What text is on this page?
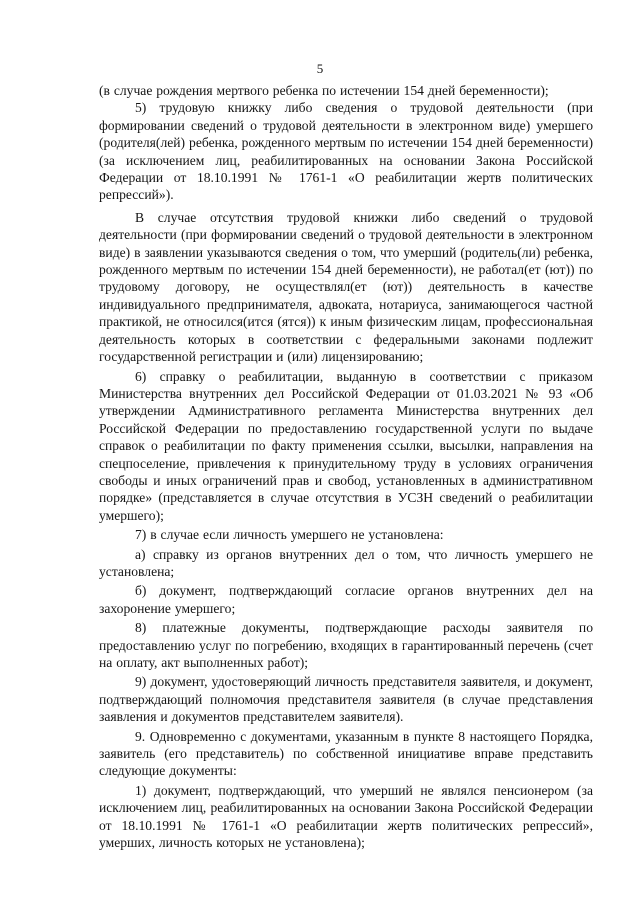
5

(в случае рождения мертвого ребенка по истечении 154 дней беременности);

5) трудовую книжку либо сведения о трудовой деятельности (при формировании сведений о трудовой деятельности в электронном виде) умершего (родителя(лей) ребенка, рожденного мертвым по истечении 154 дней беременности) (за исключением лиц, реабилитированных на основании Закона Российской Федерации от 18.10.1991 № 1761-1 «О реабилитации жертв политических репрессий»).

В случае отсутствия трудовой книжки либо сведений о трудовой деятельности (при формировании сведений о трудовой деятельности в электронном виде) в заявлении указываются сведения о том, что умерший (родитель(ли) ребенка, рожденного мертвым по истечении 154 дней беременности), не работал(ет (ют)) по трудовому договору, не осуществлял(ет (ют)) деятельность в качестве индивидуального предпринимателя, адвоката, нотариуса, занимающегося частной практикой, не относился(ится (ятся)) к иным физическим лицам, профессиональная деятельность которых в соответствии с федеральными законами подлежит государственной регистрации и (или) лицензированию;

6) справку о реабилитации, выданную в соответствии с приказом Министерства внутренних дел Российской Федерации от 01.03.2021 № 93 «Об утверждении Административного регламента Министерства внутренних дел Российской Федерации по предоставлению государственной услуги по выдаче справок о реабилитации по факту применения ссылки, высылки, направления на спецпоселение, привлечения к принудительному труду в условиях ограничения свободы и иных ограничений прав и свобод, установленных в административном порядке» (представляется в случае отсутствия в УСЗН сведений о реабилитации умершего);

7) в случае если личность умершего не установлена:

а) справку из органов внутренних дел о том, что личность умершего не установлена;

б) документ, подтверждающий согласие органов внутренних дел на захоронение умершего;

8) платежные документы, подтверждающие расходы заявителя по предоставлению услуг по погребению, входящих в гарантированный перечень (счет на оплату, акт выполненных работ);

9) документ, удостоверяющий личность представителя заявителя, и документ, подтверждающий полномочия представителя заявителя (в случае представления заявления и документов представителем заявителя).

9. Одновременно с документами, указанным в пункте 8 настоящего Порядка, заявитель (его представитель) по собственной инициативе вправе представить следующие документы:

1) документ, подтверждающий, что умерший не являлся пенсионером (за исключением лиц, реабилитированных на основании Закона Российской Федерации от 18.10.1991 № 1761-1 «О реабилитации жертв политических репрессий», умерших, личность которых не установлена);
